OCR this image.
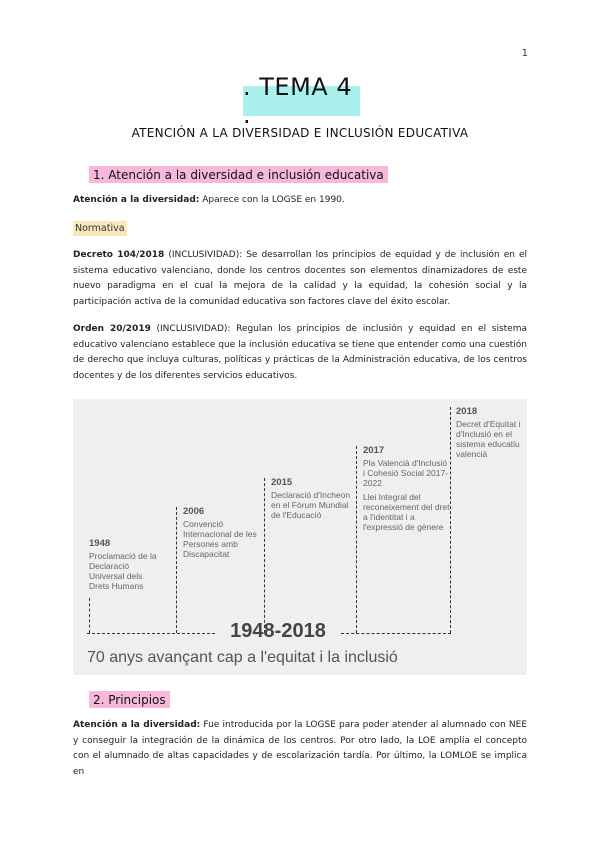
1
. TEMA 4 .
ATENCIÓN A LA DIVERSIDAD E INCLUSIÓN EDUCATIVA
1. Atención a la diversidad e inclusión educativa
Atención a la diversidad: Aparece con la LOGSE en 1990.
Normativa
Decreto 104/2018 (INCLUSIVIDAD): Se desarrollan los principios de equidad y de inclusión en el sistema educativo valenciano, donde los centros docentes son elementos dinamizadores de este nuevo paradigma en el cual la mejora de la calidad y la equidad, la cohesión social y la participación activa de la comunidad educativa son factores clave del éxito escolar.
Orden 20/2019 (INCLUSIVIDAD): Regulan los principios de inclusión y equidad en el sistema educativo valenciano establece que la inclusión educativa se tiene que entender como una cuestión de derecho que incluya culturas, políticas y prácticas de la Administración educativa, de los centros docentes y de los diferentes servicios educativos.
1948
Proclamació de la Declaració Universal dels Drets Humans
2006
Convenció Internacional de les Persones amb Discapacitat
2015
Declaració d'Incheon en el Fòrum Mundial de l'Educació
2017
Pla Valencià d'Inclusió i Cohesió Social 2017-2022
Llei Integral del reconeixement del dret a l'identitat i a l'expressió de gènere
2018
Decret d'Equitat i d'Inclusió en el sistema educatiu valencià
1948-2018
70 anys avançant cap a l'equitat i la inclusió
2. Principios
Atención a la diversidad: Fue introducida por la LOGSE para poder atender al alumnado con NEE y conseguir la integración de la dinámica de los centros. Por otro lado, la LOE amplía el concepto con el alumnado de altas capacidades y de escolarización tardía. Por último, la LOMLOE se implica en
